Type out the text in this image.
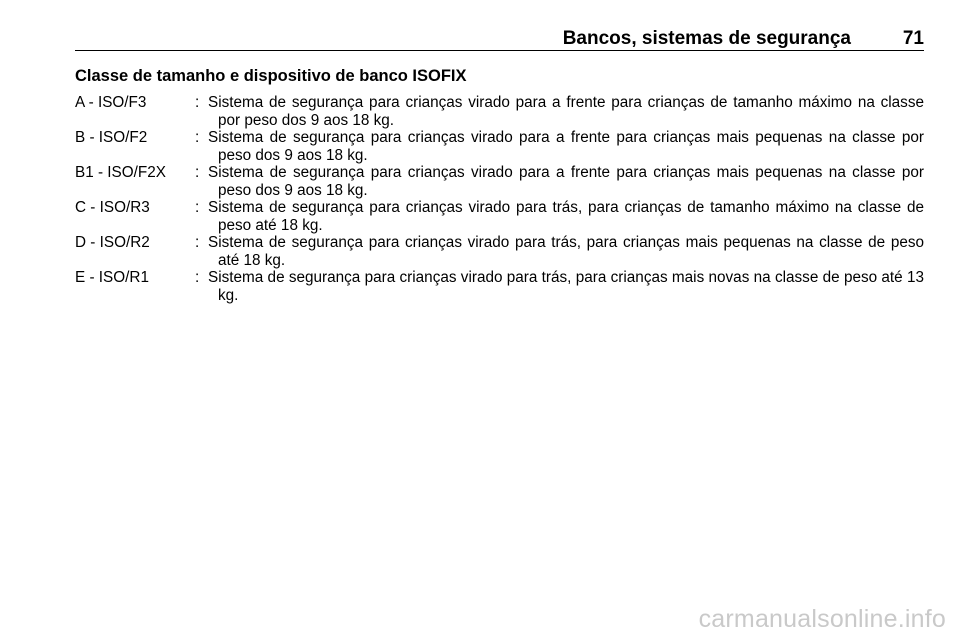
Bancos, sistemas de segurança	71
Classe de tamanho e dispositivo de banco ISOFIX
A - ISO/F3	: Sistema de segurança para crianças virado para a frente para crianças de tamanho máximo na classe por peso dos 9 aos 18 kg.
B - ISO/F2	: Sistema de segurança para crianças virado para a frente para crianças mais pequenas na classe por peso dos 9 aos 18 kg.
B1 - ISO/F2X	: Sistema de segurança para crianças virado para a frente para crianças mais pequenas na classe por peso dos 9 aos 18 kg.
C - ISO/R3	: Sistema de segurança para crianças virado para trás, para crianças de tamanho máximo na classe de peso até 18 kg.
D - ISO/R2	: Sistema de segurança para crianças virado para trás, para crianças mais pequenas na classe de peso até 18 kg.
E - ISO/R1	: Sistema de segurança para crianças virado para trás, para crianças mais novas na classe de peso até 13 kg.
carmanualsonline.info
